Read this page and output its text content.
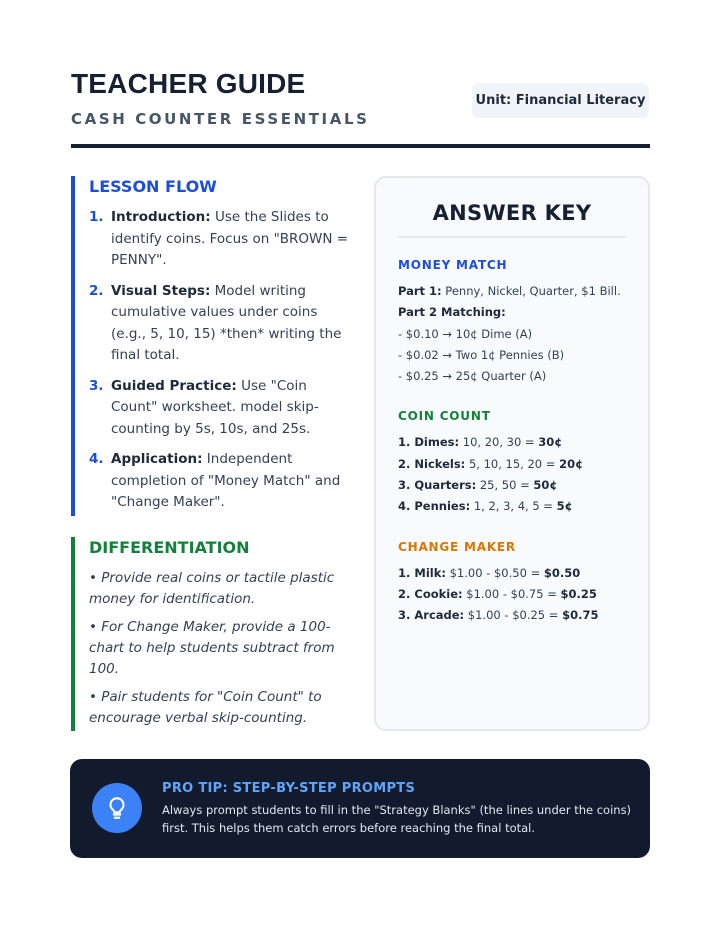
TEACHER GUIDE
CASH COUNTER ESSENTIALS
Unit: Financial Literacy
LESSON FLOW
1. Introduction: Use the Slides to identify coins. Focus on "BROWN = PENNY".
2. Visual Steps: Model writing cumulative values under coins (e.g., 5, 10, 15) *then* writing the final total.
3. Guided Practice: Use "Coin Count" worksheet. model skip-counting by 5s, 10s, and 25s.
4. Application: Independent completion of "Money Match" and "Change Maker".
DIFFERENTIATION
• Provide real coins or tactile plastic money for identification.
• For Change Maker, provide a 100-chart to help students subtract from 100.
• Pair students for "Coin Count" to encourage verbal skip-counting.
ANSWER KEY
MONEY MATCH
Part 1: Penny, Nickel, Quarter, $1 Bill.
Part 2 Matching:
- $0.10 → 10¢ Dime (A)
- $0.02 → Two 1¢ Pennies (B)
- $0.25 → 25¢ Quarter (A)
COIN COUNT
1. Dimes: 10, 20, 30 = 30¢
2. Nickels: 5, 10, 15, 20 = 20¢
3. Quarters: 25, 50 = 50¢
4. Pennies: 1, 2, 3, 4, 5 = 5¢
CHANGE MAKER
1. Milk: $1.00 - $0.50 = $0.50
2. Cookie: $1.00 - $0.75 = $0.25
3. Arcade: $1.00 - $0.25 = $0.75
PRO TIP: STEP-BY-STEP PROMPTS
Always prompt students to fill in the "Strategy Blanks" (the lines under the coins) first. This helps them catch errors before reaching the final total.
